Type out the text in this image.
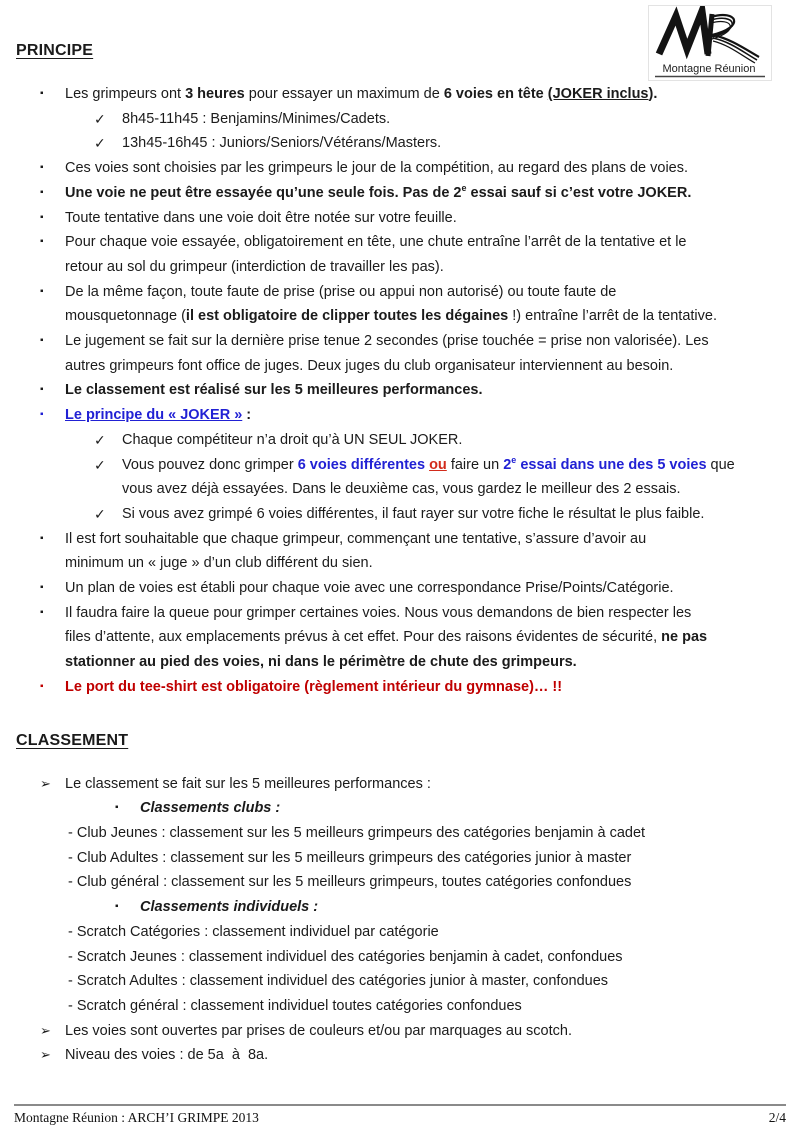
Montagne Réunion
PRINCIPE
▪ Les grimpeurs ont 3 heures pour essayer un maximum de 6 voies en tête (JOKER inclus).
✓ 8h45-11h45 : Benjamins/Minimes/Cadets.
✓ 13h45-16h45 : Juniors/Seniors/Vétérans/Masters.
▪ Ces voies sont choisies par les grimpeurs le jour de la compétition, au regard des plans de voies.
▪ Une voie ne peut être essayée qu’une seule fois. Pas de 2e essai sauf si c’est votre JOKER.
▪ Toute tentative dans une voie doit être notée sur votre feuille.
▪ Pour chaque voie essayée, obligatoirement en tête, une chute entraîne l’arrêt de la tentative et le
retour au sol du grimpeur (interdiction de travailler les pas).
▪ De la même façon, toute faute de prise (prise ou appui non autorisé) ou toute faute de
mousquetonnage (il est obligatoire de clipper toutes les dégaines !) entraîne l’arrêt de la tentative.
▪ Le jugement se fait sur la dernière prise tenue 2 secondes (prise touchée = prise non valorisée). Les
autres grimpeurs font office de juges. Deux juges du club organisateur interviennent au besoin.
▪ Le classement est réalisé sur les 5 meilleures performances.
▪ Le principe du « JOKER » :
✓ Chaque compétiteur n’a droit qu’à UN SEUL JOKER.
✓ Vous pouvez donc grimper 6 voies différentes ou faire un 2e essai dans une des 5 voies que
vous avez déjà essayées. Dans le deuxième cas, vous gardez le meilleur des 2 essais.
✓ Si vous avez grimpé 6 voies différentes, il faut rayer sur votre fiche le résultat le plus faible.
▪ Il est fort souhaitable que chaque grimpeur, commençant une tentative, s’assure d’avoir au
minimum un « juge » d’un club différent du sien.
▪ Un plan de voies est établi pour chaque voie avec une correspondance Prise/Points/Catégorie.
▪ Il faudra faire la queue pour grimper certaines voies. Nous vous demandons de bien respecter les
files d’attente, aux emplacements prévus à cet effet. Pour des raisons évidentes de sécurité, ne pas
stationner au pied des voies, ni dans le périmètre de chute des grimpeurs.
▪ Le port du tee-shirt est obligatoire (règlement intérieur du gymnase)… !!
CLASSEMENT
➢ Le classement se fait sur les 5 meilleures performances :
▪ Classements clubs :
- Club Jeunes : classement sur les 5 meilleurs grimpeurs des catégories benjamin à cadet
- Club Adultes : classement sur les 5 meilleurs grimpeurs des catégories junior à master
- Club général : classement sur les 5 meilleurs grimpeurs, toutes catégories confondues
▪ Classements individuels :
- Scratch Catégories : classement individuel par catégorie
- Scratch Jeunes : classement individuel des catégories benjamin à cadet, confondues
- Scratch Adultes : classement individuel des catégories junior à master, confondues
- Scratch général : classement individuel toutes catégories confondues
➢ Les voies sont ouvertes par prises de couleurs et/ou par marquages au scotch.
➢ Niveau des voies : de 5a  à  8a.
Montagne Réunion : ARCH’I GRIMPE 2013	2/4
